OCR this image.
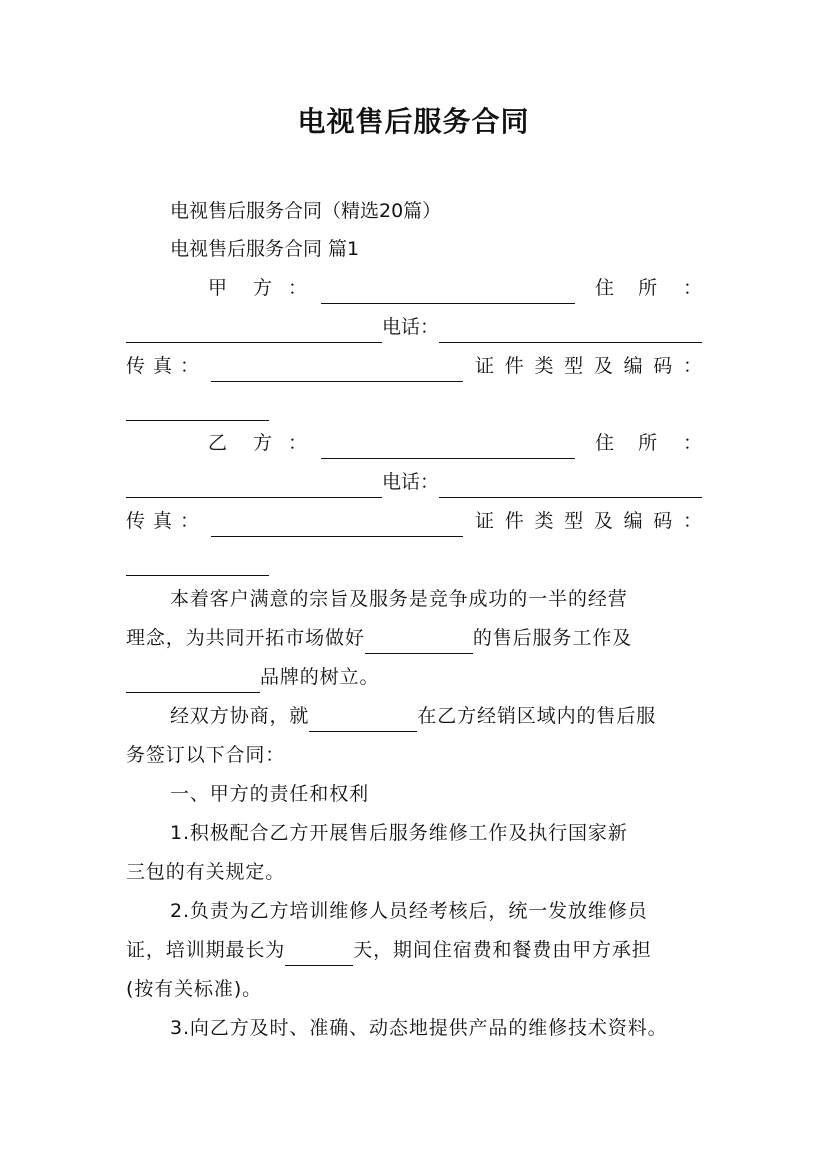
电视售后服务合同
电视售后服务合同（精选20篇）
电视售后服务合同 篇1
甲 方 ：	住 所 ：
电话：
传 真 ：	证 件 类 型 及 编 码 ：
乙 方 ：	住 所 ：
电话：
传 真 ：	证 件 类 型 及 编 码 ：
本着客户满意的宗旨及服务是竞争成功的一半的经营
理念，为共同开拓市场做好	的售后服务工作及
品牌的树立。
经双方协商，就	在乙方经销区域内的售后服
务签订以下合同：
一、甲方的责任和权利
1.积极配合乙方开展售后服务维修工作及执行国家新
三包的有关规定。
2.负责为乙方培训维修人员经考核后，统一发放维修员
证，培训期最长为	天，期间住宿费和餐费由甲方承担
(按有关标准)。
3.向乙方及时、准确、动态地提供产品的维修技术资料。
